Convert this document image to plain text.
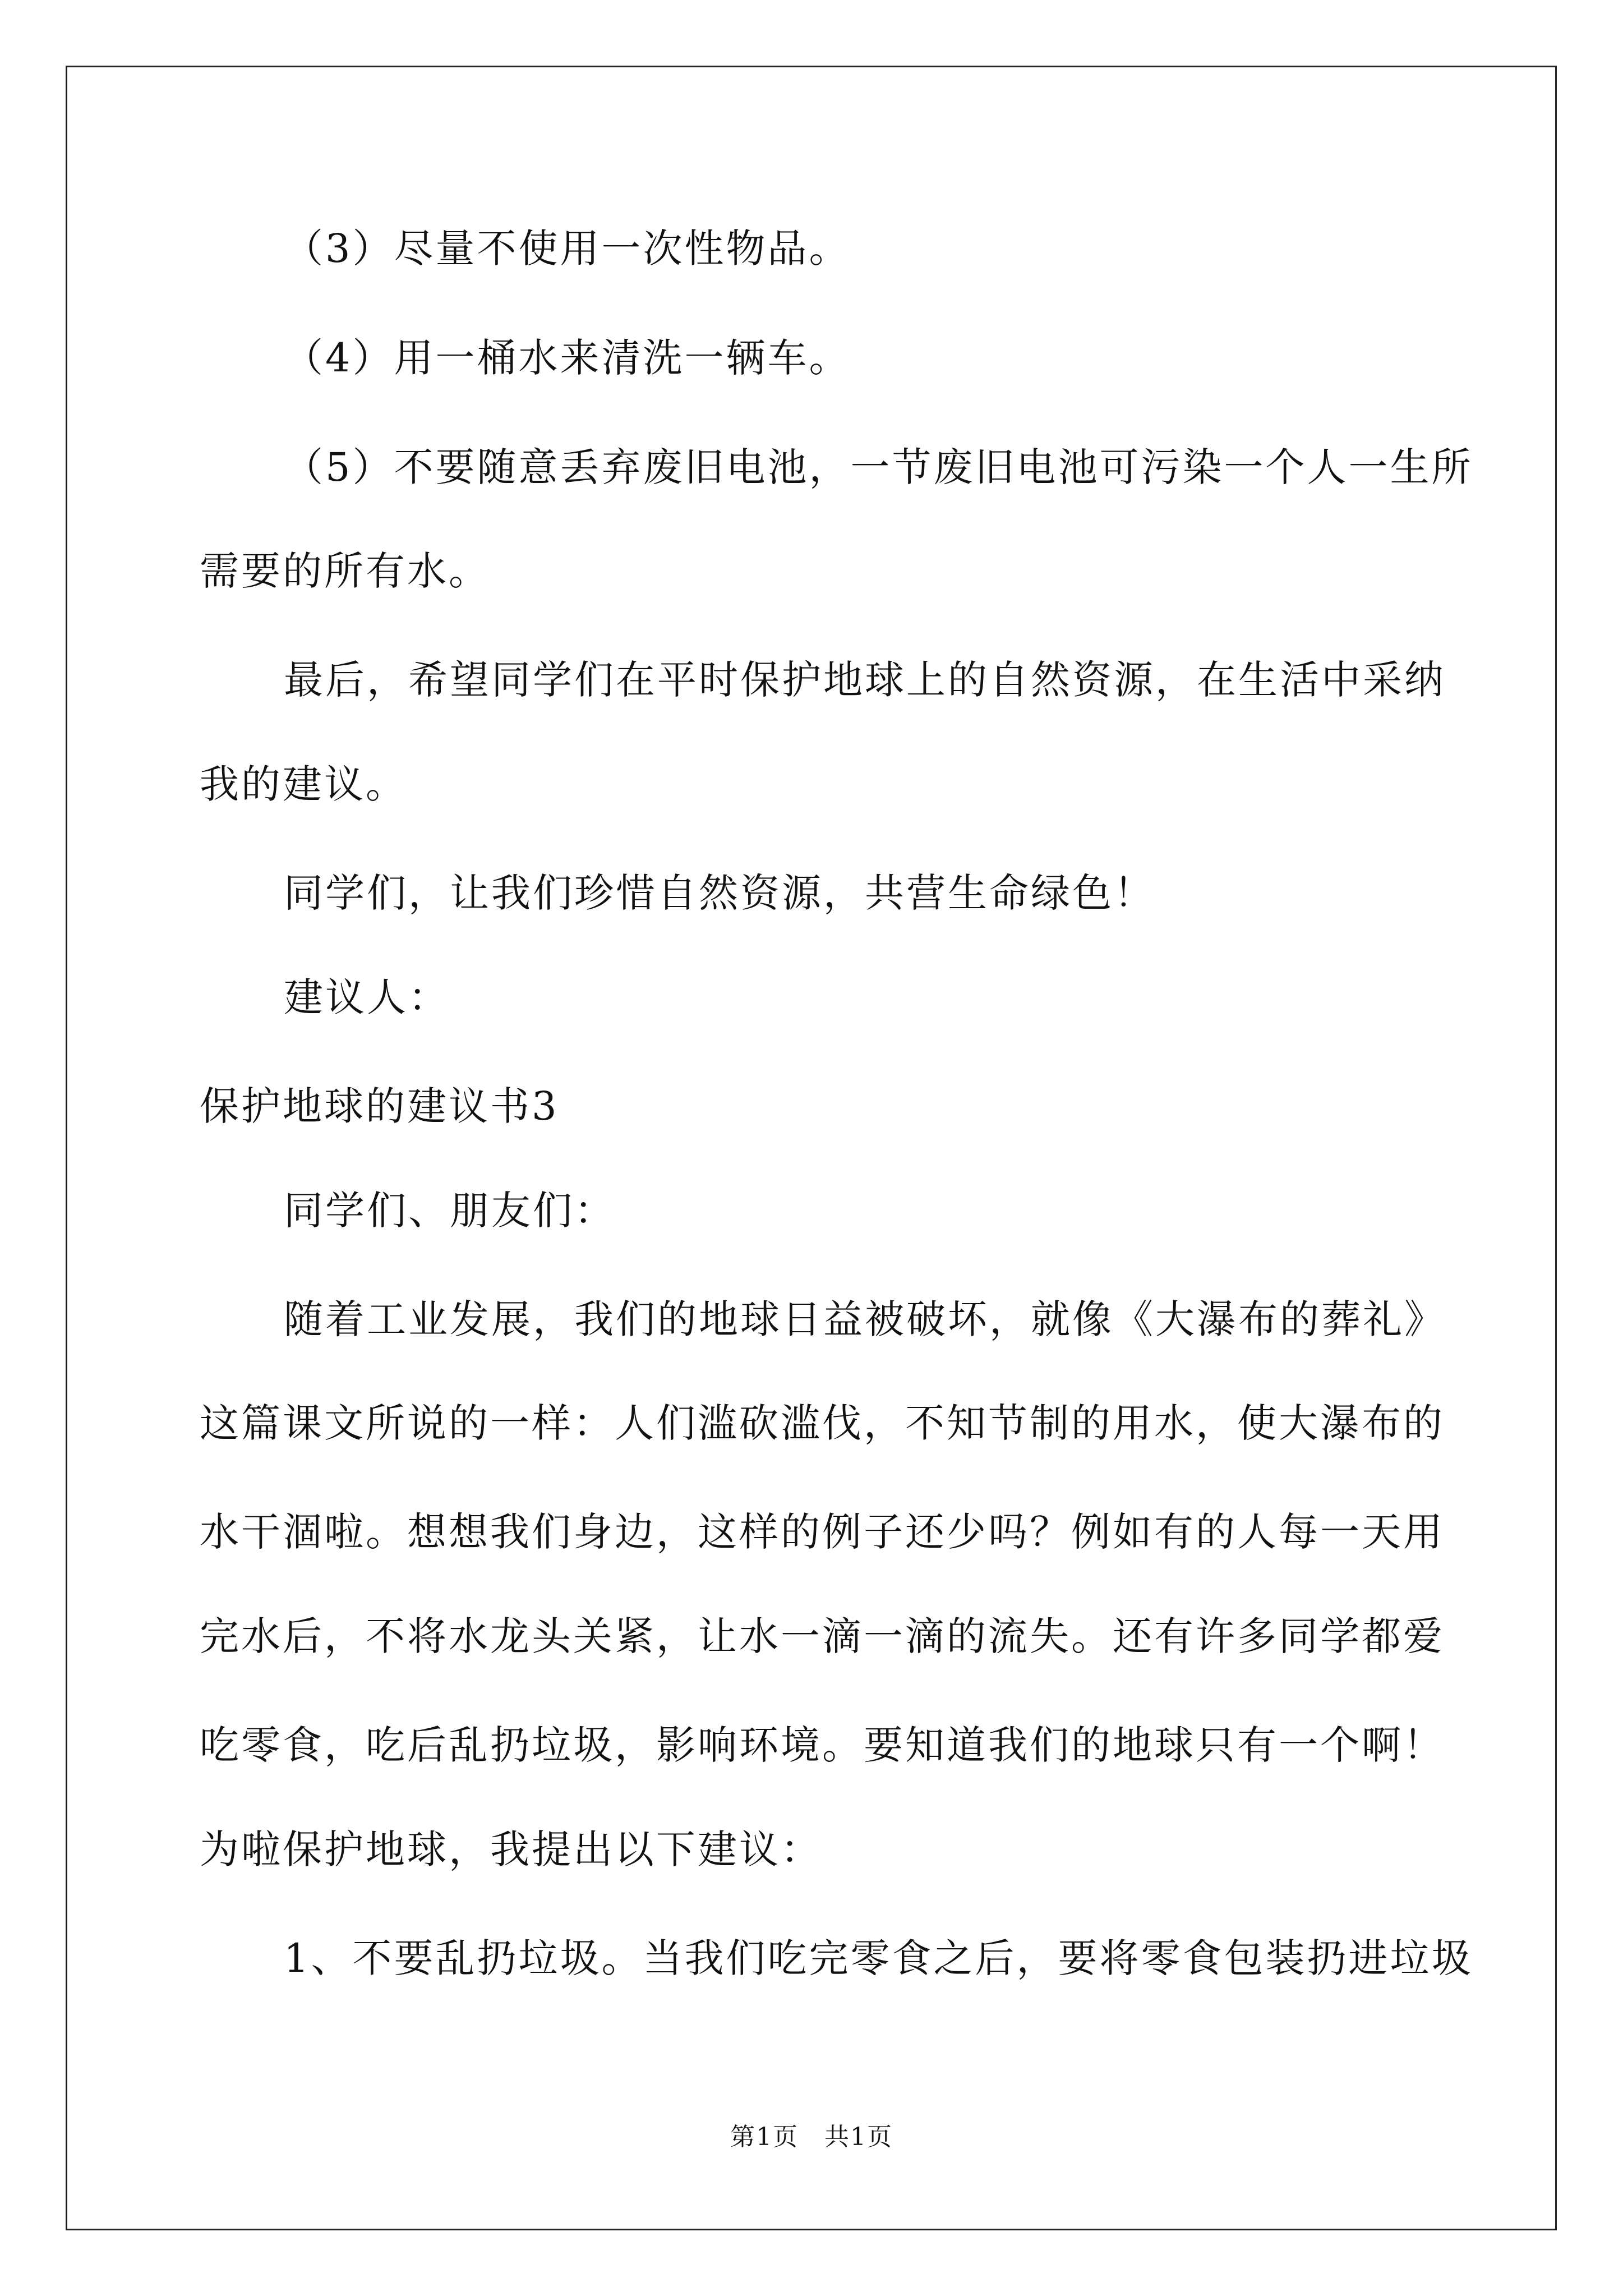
（3）尽量不使用一次性物品。
（4）用一桶水来清洗一辆车。
（5）不要随意丢弃废旧电池，一节废旧电池可污染一个人一生所
需要的所有水。
最后，希望同学们在平时保护地球上的自然资源，在生活中采纳
我的建议。
同学们，让我们珍惜自然资源，共营生命绿色！
建议人：
保护地球的建议书3
同学们、朋友们：
随着工业发展，我们的地球日益被破坏，就像《大瀑布的葬礼》
这篇课文所说的一样：人们滥砍滥伐，不知节制的用水，使大瀑布的
水干涸啦。想想我们身边，这样的例子还少吗？例如有的人每一天用
完水后，不将水龙头关紧，让水一滴一滴的流失。还有许多同学都爱
吃零食，吃后乱扔垃圾，影响环境。要知道我们的地球只有一个啊！
为啦保护地球，我提出以下建议：
1、不要乱扔垃圾。当我们吃完零食之后，要将零食包装扔进垃圾
第1页　共1页
